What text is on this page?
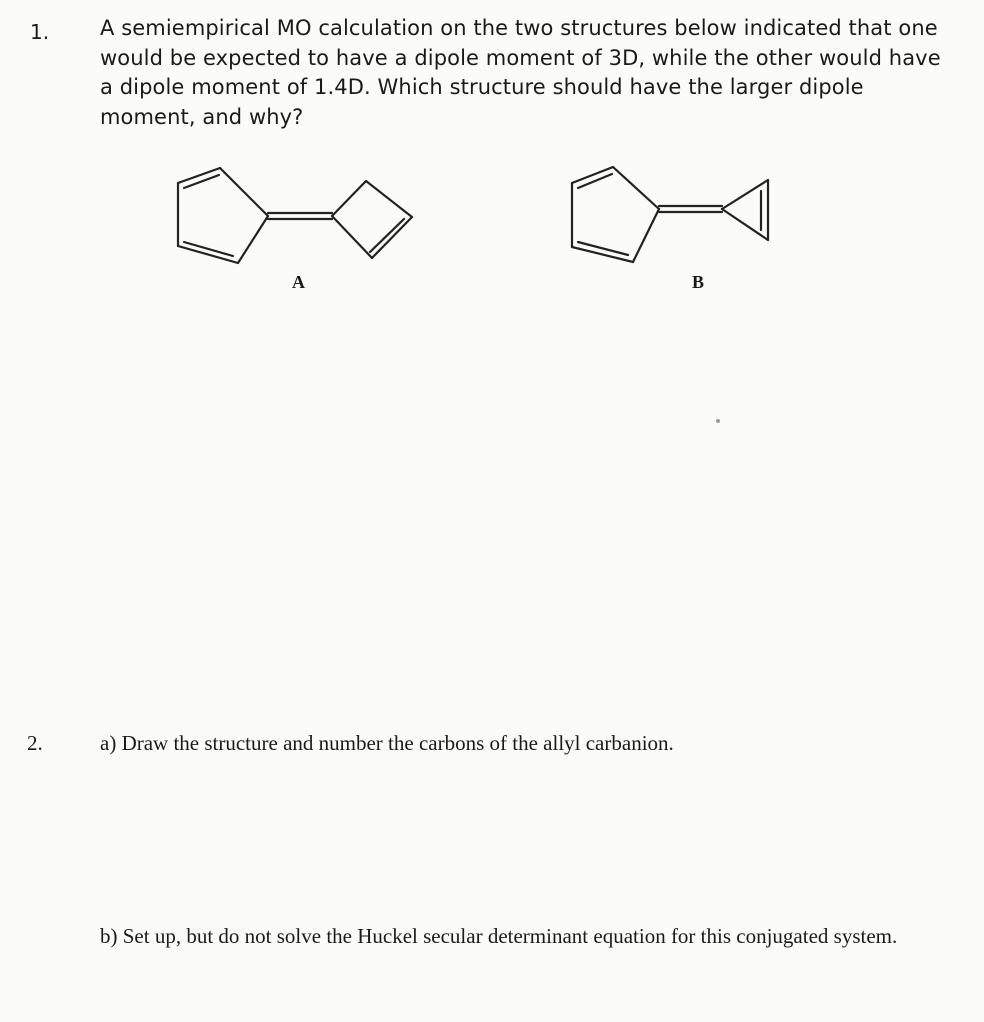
1. A semiempirical MO calculation on the two structures below indicated that one would be expected to have a dipole moment of 3D, while the other would have a dipole moment of 1.4D. Which structure should have the larger dipole moment, and why?
A	B
2.	a) Draw the structure and number the carbons of the allyl carbanion.
b) Set up, but do not solve the Huckel secular determinant equation for this conjugated system.
